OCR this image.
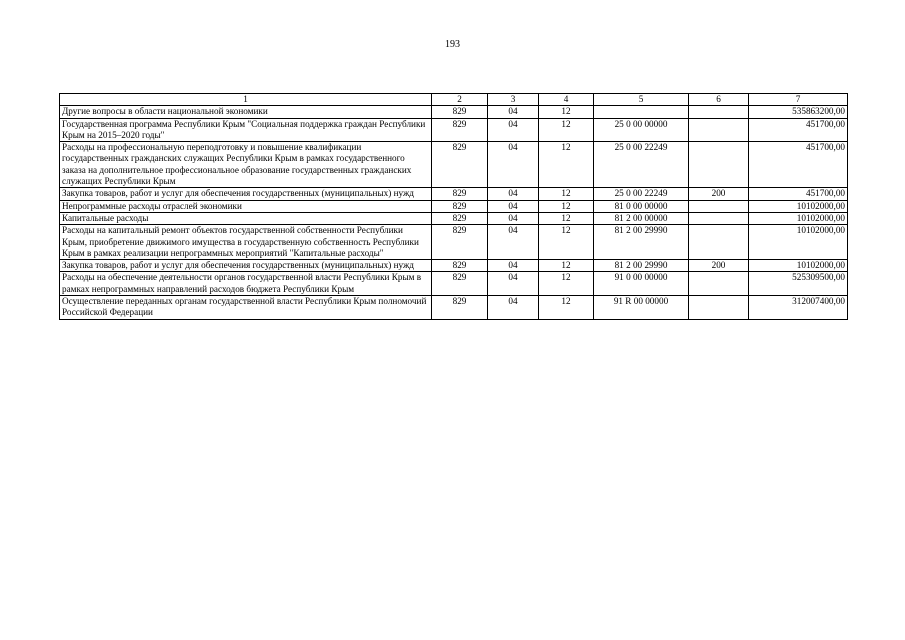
193
1	2	3	4	5	6	7
Другие вопросы в области национальной экономики	829	04	12			535863200,00
Государственная программа Республики Крым "Социальная поддержка граждан Республики Крым на 2015–2020 годы"	829	04	12	25 0 00 00000		451700,00
Расходы на профессиональную переподготовку и повышение квалификации государственных гражданских служащих Республики Крым в рамках государственного заказа на дополнительное профессиональное образование государственных гражданских служащих Республики Крым	829	04	12	25 0 00 22249		451700,00
Закупка товаров, работ и услуг для обеспечения государственных (муниципальных) нужд	829	04	12	25 0 00 22249	200	451700,00
Непрограммные расходы отраслей экономики	829	04	12	81 0 00 00000		10102000,00
Капитальные расходы	829	04	12	81 2 00 00000		10102000,00
Расходы на капитальный ремонт объектов государственной собственности Республики Крым, приобретение движимого имущества в государственную собственность Республики Крым в рамках реализации непрограммных мероприятий "Капитальные расходы"	829	04	12	81 2 00 29990		10102000,00
Закупка товаров, работ и услуг для обеспечения государственных (муниципальных) нужд	829	04	12	81 2 00 29990	200	10102000,00
Расходы на обеспечение деятельности органов государственной власти Республики Крым в рамках непрограммных направлений расходов бюджета Республики Крым	829	04	12	91 0 00 00000		525309500,00
Осуществление переданных органам государственной власти Республики Крым полномочий Российской Федерации	829	04	12	91 R 00 00000		312007400,00
